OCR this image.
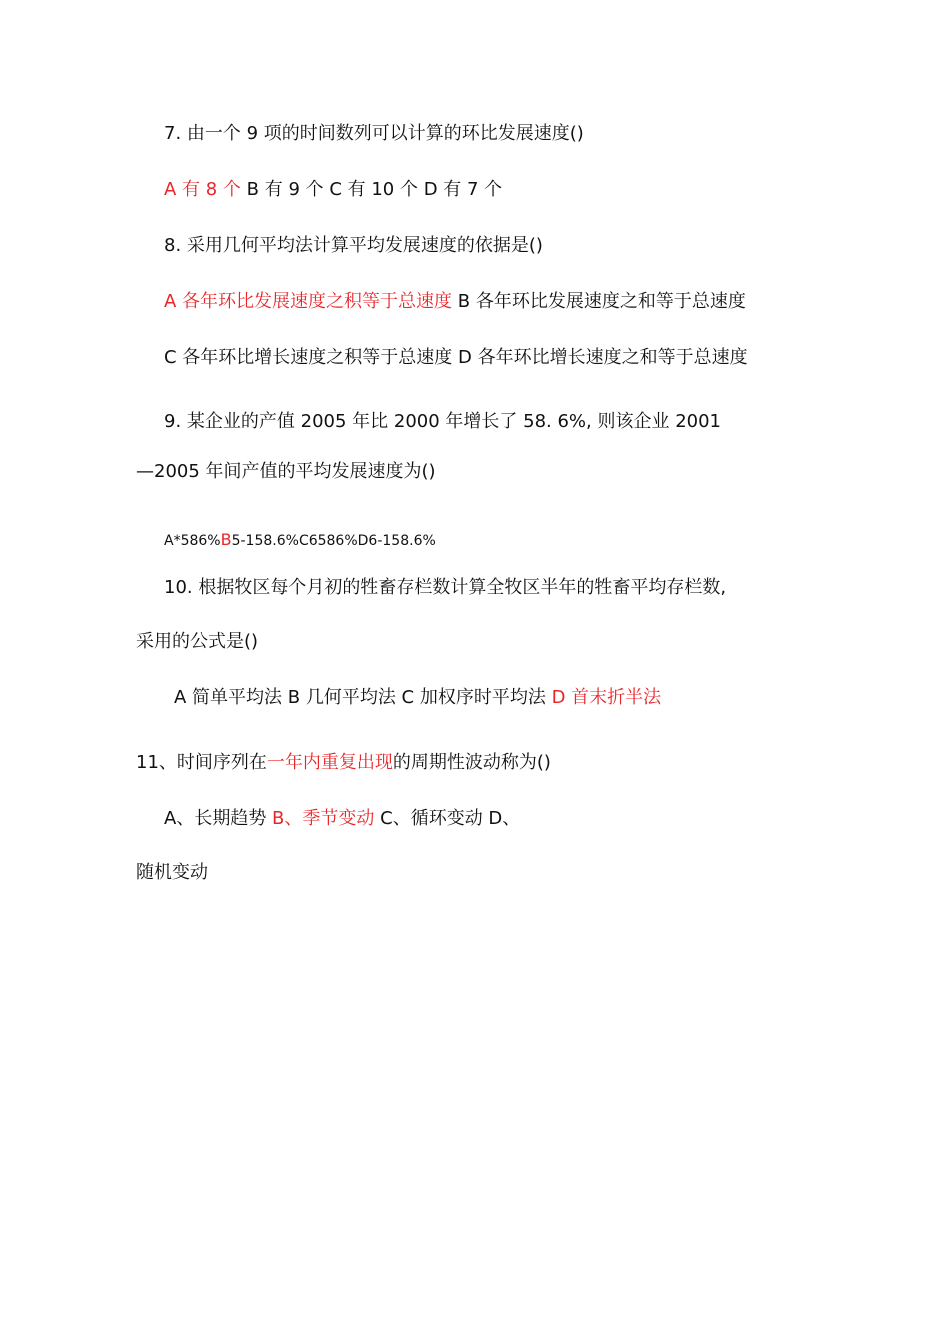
7. 由一个 9 项的时间数列可以计算的环比发展速度()
A 有 8 个 B 有 9 个 C 有 10 个 D 有 7 个
8. 采用几何平均法计算平均发展速度的依据是()
A 各年环比发展速度之积等于总速度 B 各年环比发展速度之和等于总速度
C 各年环比增长速度之积等于总速度 D 各年环比增长速度之和等于总速度
9. 某企业的产值 2005 年比 2000 年增长了 58. 6%, 则该企业 2001
—2005 年间产值的平均发展速度为()
A*586%B5-158.6%C6586%D6-158.6%
10. 根据牧区每个月初的牲畜存栏数计算全牧区半年的牲畜平均存栏数,
采用的公式是()
A 简单平均法 B 几何平均法 C 加权序时平均法 D 首末折半法
11、时间序列在一年内重复出现的周期性波动称为()
A、长期趋势 B、季节变动 C、循环变动 D、
随机变动
